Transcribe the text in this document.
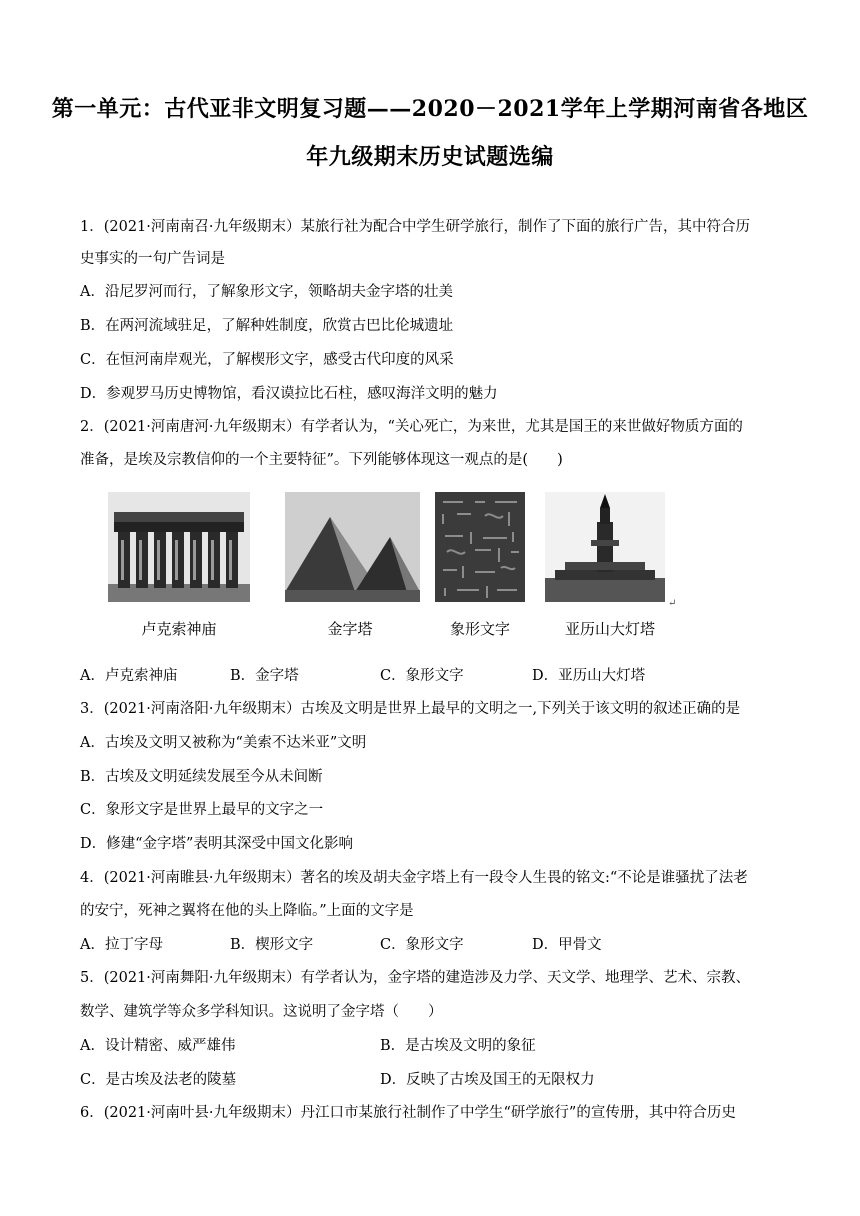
第一单元：古代亚非文明复习题——2020－2021学年上学期河南省各地区
年九级期末历史试题选编
1．(2021·河南南召·九年级期末）某旅行社为配合中学生研学旅行，制作了下面的旅行广告，其中符合历
史事实的一句广告词是
A．沿尼罗河而行，了解象形文字，领略胡夫金字塔的壮美
B．在两河流域驻足，了解种姓制度，欣赏古巴比伦城遗址
C．在恒河南岸观光，了解楔形文字，感受古代印度的风采
D．参观罗马历史博物馆，看汉谟拉比石柱，感叹海洋文明的魅力
2．(2021·河南唐河·九年级期末）有学者认为，“关心死亡，为来世，尤其是国王的来世做好物质方面的
准备，是埃及宗教信仰的一个主要特征”。下列能够体现这一观点的是(　　)
卢克索神庙	金字塔	象形文字	亚历山大灯塔
↵
A．卢克索神庙	B．金字塔	C．象形文字	D．亚历山大灯塔
3．(2021·河南洛阳·九年级期末）古埃及文明是世界上最早的文明之一,下列关于该文明的叙述正确的是
A．古埃及文明又被称为“美索不达米亚”文明
B．古埃及文明延续发展至今从未间断
C．象形文字是世界上最早的文字之一
D．修建“金字塔”表明其深受中国文化影响
4．(2021·河南睢县·九年级期末）著名的埃及胡夫金字塔上有一段令人生畏的铭文:“不论是谁骚扰了法老
的安宁，死神之翼将在他的头上降临。”上面的文字是
A．拉丁字母	B．楔形文字	C．象形文字	D．甲骨文
5．(2021·河南舞阳·九年级期末）有学者认为，金字塔的建造涉及力学、天文学、地理学、艺术、宗教、
数学、建筑学等众多学科知识。这说明了金字塔（　　）
A．设计精密、威严雄伟	B．是古埃及文明的象征
C．是古埃及法老的陵墓	D．反映了古埃及国王的无限权力
6．(2021·河南叶县·九年级期末）丹江口市某旅行社制作了中学生“研学旅行”的宣传册，其中符合历史
